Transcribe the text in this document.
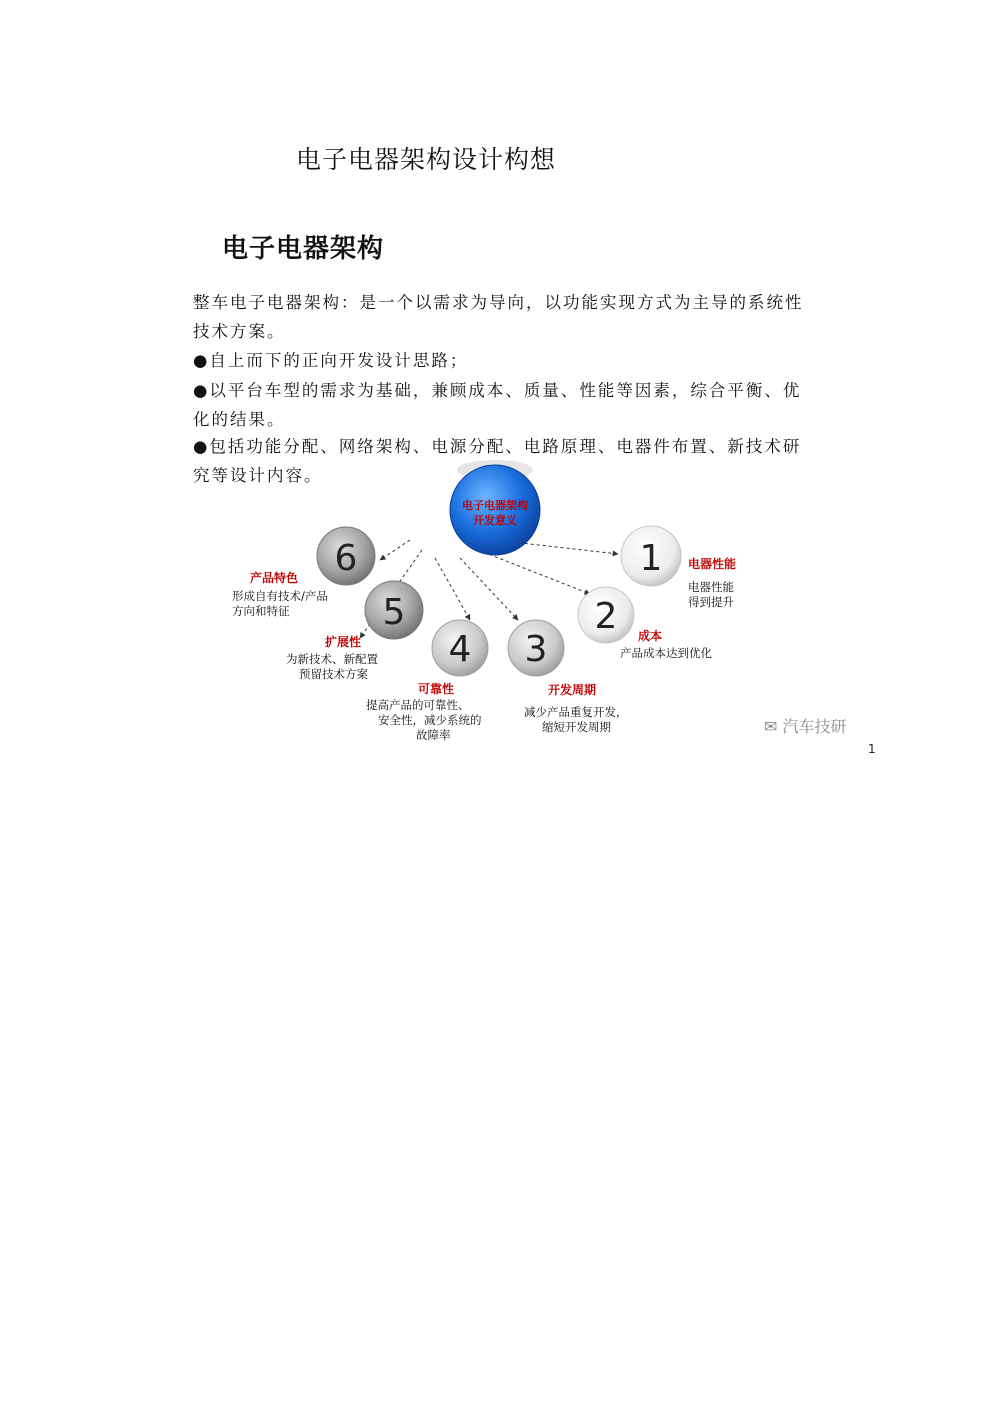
电子电器架构设计构想
电子电器架构
整车电子电器架构：是一个以需求为导向，以功能实现方式为主导的系统性技术方案。
●自上而下的正向开发设计思路；
●以平台车型的需求为基础，兼顾成本、质量、性能等因素，综合平衡、优化的结果。
●包括功能分配、网络架构、电源分配、电路原理、电器件布置、新技术研究等设计内容。
电子电器架构
开发意义
1 电器性能
电器性能
得到提升
2 成本
产品成本达到优化
3
开发周期
减少产品重复开发，
缩短开发周期
4
可靠性
提高产品的可靠性、
安全性，减少系统的
故障率
5
扩展性
为新技术、新配置
预留技术方案
6
产品特色
形成自有技术/产品
方向和特征
✉ 汽车技研
1
